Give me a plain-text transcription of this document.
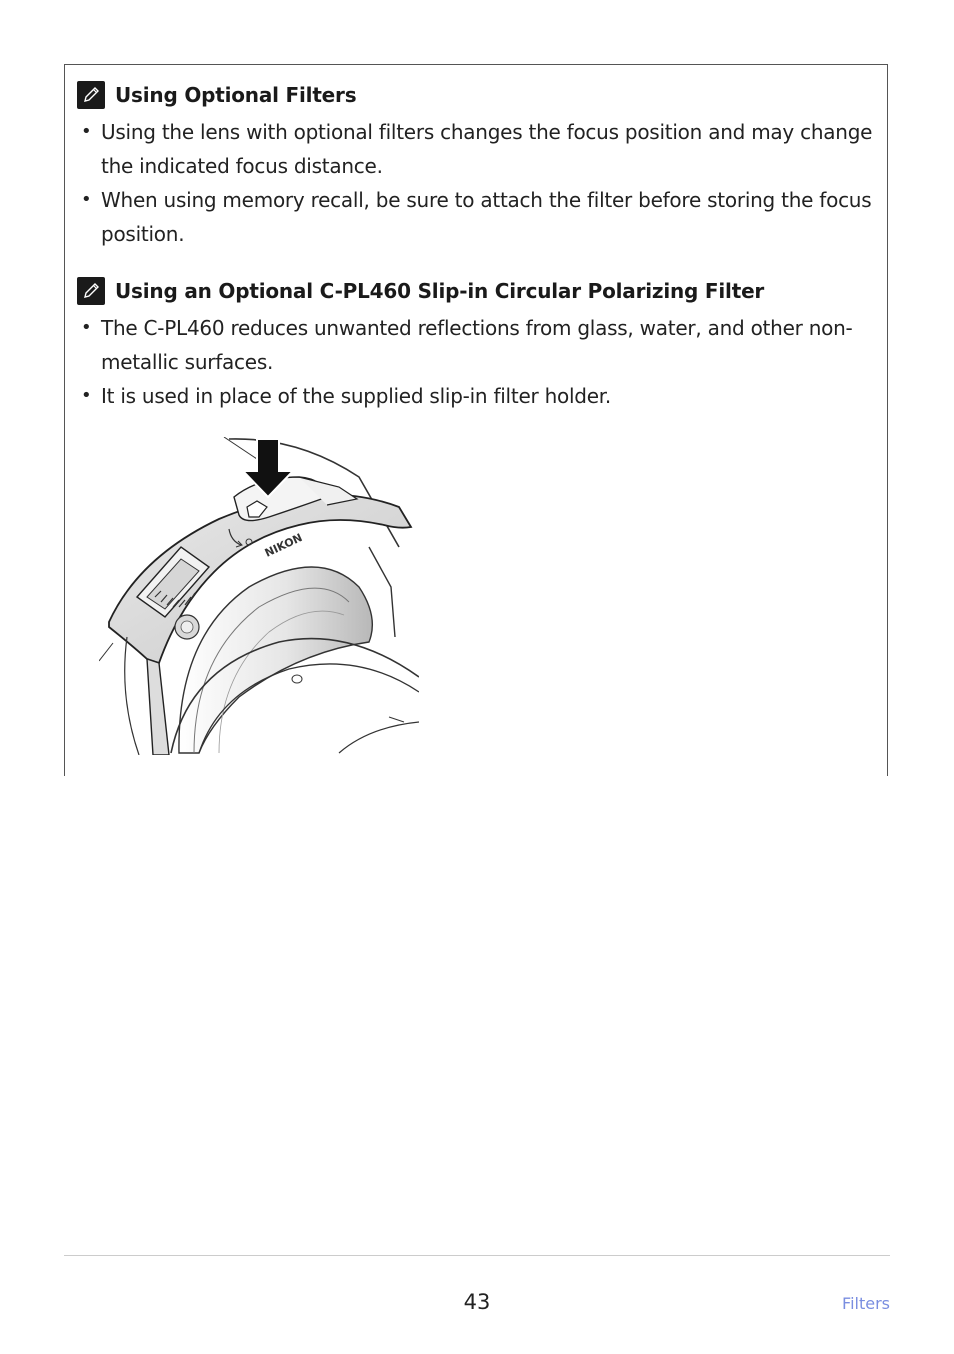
Using Optional Filters
• Using the lens with optional filters changes the focus position and may change the indicated focus distance.
• When using memory recall, be sure to attach the filter before storing the focus position.
Using an Optional C-PL460 Slip-in Circular Polarizing Filter
• The C-PL460 reduces unwanted reflections from glass, water, and other non-metallic surfaces.
• It is used in place of the supplied slip-in filter holder.
NIKON
43	Filters
